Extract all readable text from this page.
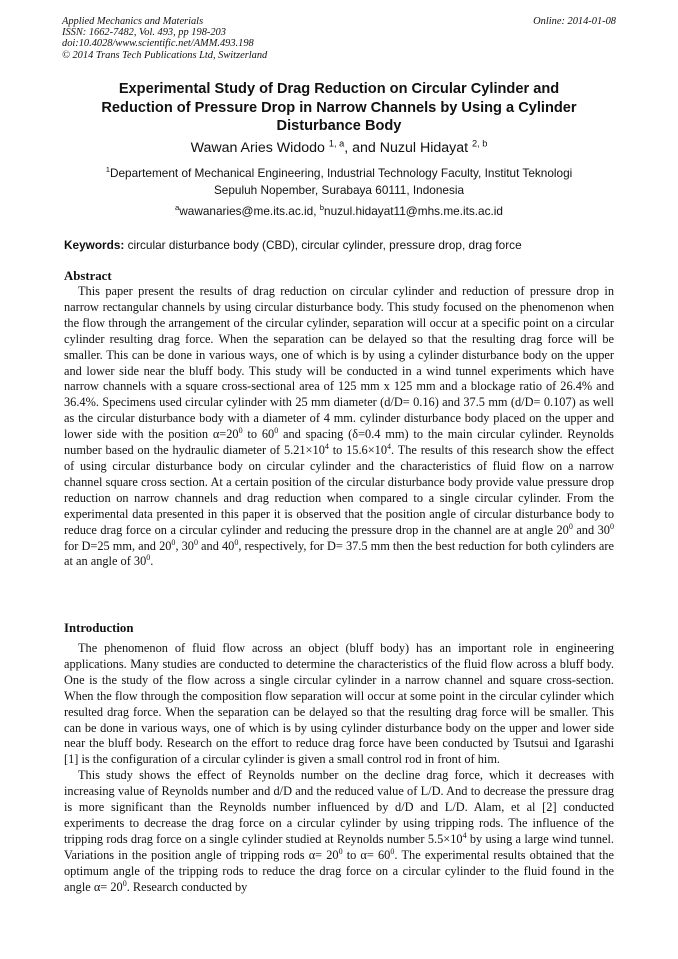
Applied Mechanics and Materials
ISSN: 1662-7482, Vol. 493, pp 198-203
doi:10.4028/www.scientific.net/AMM.493.198
© 2014 Trans Tech Publications Ltd, Switzerland
Online: 2014-01-08
Experimental Study of Drag Reduction on Circular Cylinder and
Reduction of Pressure Drop in Narrow Channels by Using a Cylinder
Disturbance Body
Wawan Aries Widodo $^{1, a}$, and Nuzul Hidayat $^{2, b}$
$^1$Departement of Mechanical Engineering, Industrial Technology Faculty, Institut Teknologi
Sepuluh Nopember, Surabaya 60111, Indonesia
$^a$wawanaries@me.its.ac.id, $^b$nuzul.hidayat11@mhs.me.its.ac.id
Keywords: circular disturbance body (CBD), circular cylinder, pressure drop, drag force
Abstract

This paper present the results of drag reduction on circular cylinder and reduction of pressure drop in narrow rectangular channels by using circular disturbance body. This study focused on the phenomenon when the flow through the arrangement of the circular cylinder, separation will occur at a specific point on a circular cylinder resulting drag force. When the separation can be delayed so that the resulting drag force will be smaller. This can be done in various ways, one of which is by using a cylinder disturbance body on the upper and lower side near the bluff body. This study will be conducted in a wind tunnel experiments which have narrow channels with a square cross-sectional area of 125 mm x 125 mm and a blockage ratio of 26.4% and 36.4%. Specimens used circular cylinder with 25 mm diameter (d/D= 0.16) and 37.5 mm (d/D= 0.107) as well as the circular disturbance body with a diameter of 4 mm. cylinder disturbance body placed on the upper and lower side with the position $\alpha=20^0$ to $60^0$ and spacing (δ=0.4 mm) to the main circular cylinder. Reynolds number based on the hydraulic diameter of $5.21\times 10^4$ to $15.6\times 10^4$. The results of this research show the effect of using circular disturbance body on circular cylinder and the characteristics of fluid flow on a narrow channel square cross section. At a certain position of the circular disturbance body provide value pressure drop reduction on narrow channels and drag reduction when compared to a single circular cylinder. From the experimental data presented in this paper it is observed that the position angle of circular disturbance body to reduce drag force on a circular cylinder and reducing the pressure drop in the channel are at angle $20^0$ and $30^0$ for D=25 mm, and $20^0$, $30^0$ and $40^0$, respectively, for D= 37.5 mm then the best reduction for both cylinders are at an angle of $30^0$.

Introduction

The phenomenon of fluid flow across an object (bluff body) has an important role in engineering applications. Many studies are conducted to determine the characteristics of the fluid flow across a bluff body. One is the study of the flow across a single circular cylinder in a narrow channel and square cross-section. When the flow through the composition flow separation will occur at some point in the circular cylinder which resulted drag force. When the separation can be delayed so that the resulting drag force will be smaller. This can be done in various ways, one of which is by using cylinder disturbance body on the upper and lower side near the bluff body. Research on the effort to reduce drag force have been conducted by Tsutsui and Igarashi [1] is the configuration of a circular cylinder is given a small control rod in front of him.

This study shows the effect of Reynolds number on the decline drag force, which it decreases with increasing value of Reynolds number and d/D and the reduced value of L/D. And to decrease the pressure drag is more significant than the Reynolds number influenced by d/D and L/D. Alam, et al [2] conducted experiments to decrease the drag force on a circular cylinder by using tripping rods. The influence of the tripping rods drag force on a single cylinder studied at Reynolds number $5.5\times 10^4$ by using a large wind tunnel. Variations in the position angle of tripping rods $\alpha= 20^0$ to $\alpha= 60^0$. The experimental results obtained that the optimum angle of the tripping rods to reduce the drag force on a circular cylinder to the fluid found in the angle $\alpha= 20^0$. Research conducted by
